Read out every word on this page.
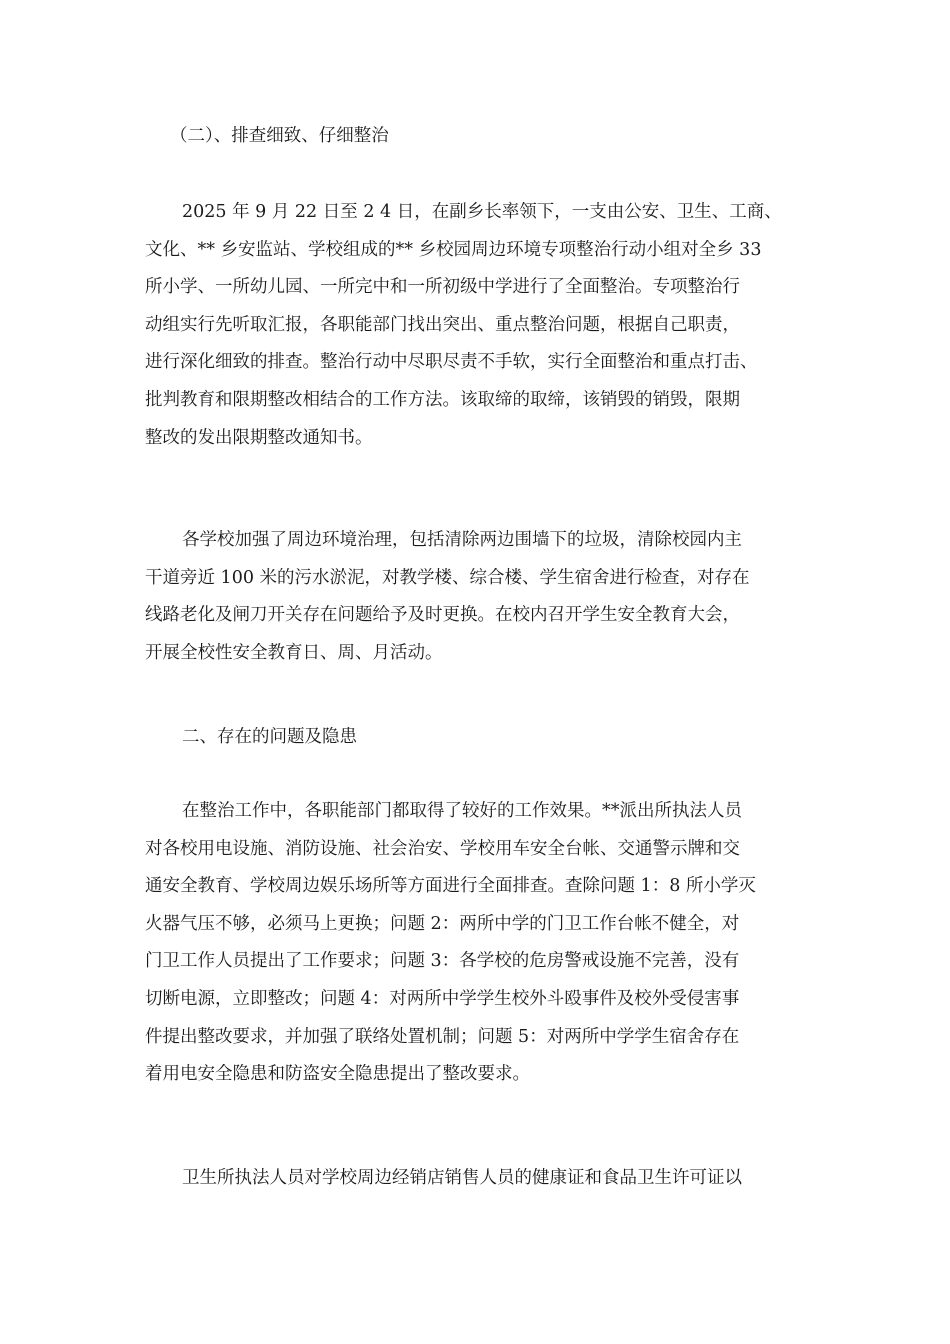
（二）、排查细致、仔细整治

2025 年 9 月 22 日至 2 4 日，在副乡长率领下，一支由公安、卫生、工商、
文化、** 乡安监站、学校组成的** 乡校园周边环境专项整治行动小组对全乡 33
所小学、一所幼儿园、一所完中和一所初级中学进行了全面整治。专项整治行
动组实行先听取汇报，各职能部门找出突出、重点整治问题，根据自己职责，
进行深化细致的排查。整治行动中尽职尽责不手软，实行全面整治和重点打击、
批判教育和限期整改相结合的工作方法。该取缔的取缔，该销毁的销毁，限期
整改的发出限期整改通知书。
各学校加强了周边环境治理，包括清除两边围墙下的垃圾，清除校园内主
干道旁近 100 米的污水淤泥，对教学楼、综合楼、学生宿舍进行检查，对存在
线路老化及闸刀开关存在问题给予及时更换。在校内召开学生安全教育大会，
开展全校性安全教育日、周、月活动。

二、存在的问题及隐患

在整治工作中，各职能部门都取得了较好的工作效果。**派出所执法人员
对各校用电设施、消防设施、社会治安、学校用车安全台帐、交通警示牌和交
通安全教育、学校周边娱乐场所等方面进行全面排查。查除问题 1：8 所小学灭
火器气压不够，必须马上更换；问题 2：两所中学的门卫工作台帐不健全，对
门卫工作人员提出了工作要求；问题 3：各学校的危房警戒设施不完善，没有
切断电源，立即整改；问题 4：对两所中学学生校外斗殴事件及校外受侵害事
件提出整改要求，并加强了联络处置机制；问题 5：对两所中学学生宿舍存在
着用电安全隐患和防盗安全隐患提出了整改要求。
卫生所执法人员对学校周边经销店销售人员的健康证和食品卫生许可证以
